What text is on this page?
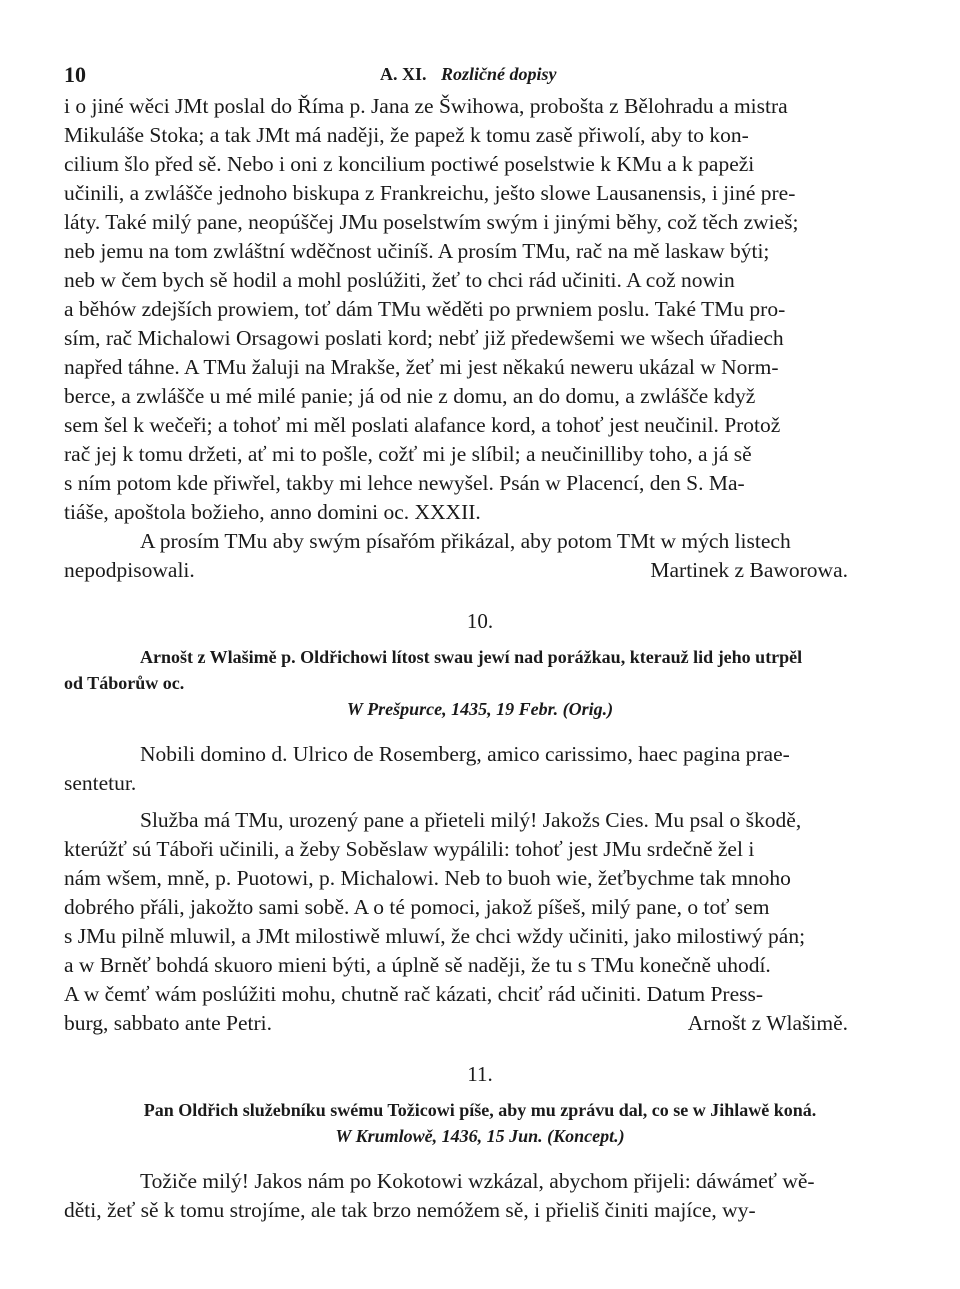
10	A. XI. Rozličné dopisy
i o jiné wěci JMt poslal do Říma p. Jana ze Šwihowa, probošta z Bělohradu a mistra
Mikuláše Stoka; a tak JMt má naději, že papež k tomu zasě přiwolí, aby to kon-
cilium šlo před sě. Nebo i oni z koncilium poctiwé poselstwie k KMu a k papeži
učinili, a zwlášče jednoho biskupa z Frankreichu, ješto slowe Lausanensis, i jiné pre-
láty. Také milý pane, neopúščej JMu poselstwím swým i jinými běhy, což těch zwieš;
neb jemu na tom zwláštní wděčnost učiníš. A prosím TMu, rač na mě laskaw býti;
neb w čem bych sě hodil a mohl poslúžiti, žeť to chci rád učiniti. A což nowin
a běhów zdejších prowiem, toť dám TMu wěděti po prwniem poslu. Také TMu pro-
sím, rač Michalowi Orsagowi poslati kord; nebť již předewšemi we wšech úřadiech
napřed táhne. A TMu žaluji na Mrakše, žeť mi jest někakú neweru ukázal w Norm-
berce, a zwlášče u mé milé panie; já od nie z domu, an do domu, a zwlášče když
sem šel k wečeři; a tohoť mi měl poslati alafance kord, a tohoť jest neučinil. Protož
rač jej k tomu držeti, ať mi to pošle, cožť mi je slíbil; a neučinilliby toho, a já sě
s ním potom kde přiwřel, takby mi lehce newyšel. Psán w Placencí, den S. Ma-
tiáše, apoštola božieho, anno domini oc. XXXII.
A prosím TMu aby swým písařóm přikázal, aby potom TMt w mých listech
nepodpisowali.	Martinek z Baworowa.
10.
Arnošt z Wlašimě p. Oldřichowi lítost swau jewí nad porážkau, kterauž lid jeho utrpěl
od Táborůw oc.
W Prešpurce, 1435, 19 Febr. (Orig.)
Nobili domino d. Ulrico de Rosemberg, amico carissimo, haec pagina prae-
sentetur.
Služba má TMu, urozený pane a přieteli milý! Jakožs Cies. Mu psal o škodě,
kterúžť sú Táboři učinili, a žeby Soběslaw wypálili: tohoť jest JMu srdečně žel i
nám wšem, mně, p. Puotowi, p. Michalowi. Neb to buoh wie, žeťbychme tak mnoho
dobrého přáli, jakožto sami sobě. A o té pomoci, jakož píšeš, milý pane, o toť sem
s JMu pilně mluwil, a JMt milostiwě mluwí, že chci wždy učiniti, jako milostiwý pán;
a w Brněť bohdá skuoro mienі býti, a úplně sě naději, že tu s TMu konečně uhodí.
A w čemť wám poslúžiti mohu, chutně rač kázati, chciť rád učiniti. Datum Press-
burg, sabbato ante Petri.	Arnošt z Wlašimě.
11.
Pan Oldřich služebníku swému Tožicowi píše, aby mu zprávu dal, co se w Jihlawě koná.
W Krumlowě, 1436, 15 Jun. (Koncept.)
Tožiče milý! Jakos nám po Kokotowi wzkázal, abychom přijeli: dáwámeť wě-
děti, žeť sě k tomu strojíme, ale tak brzo nemóžem sě, i přieliš činiti majíce, wy-
